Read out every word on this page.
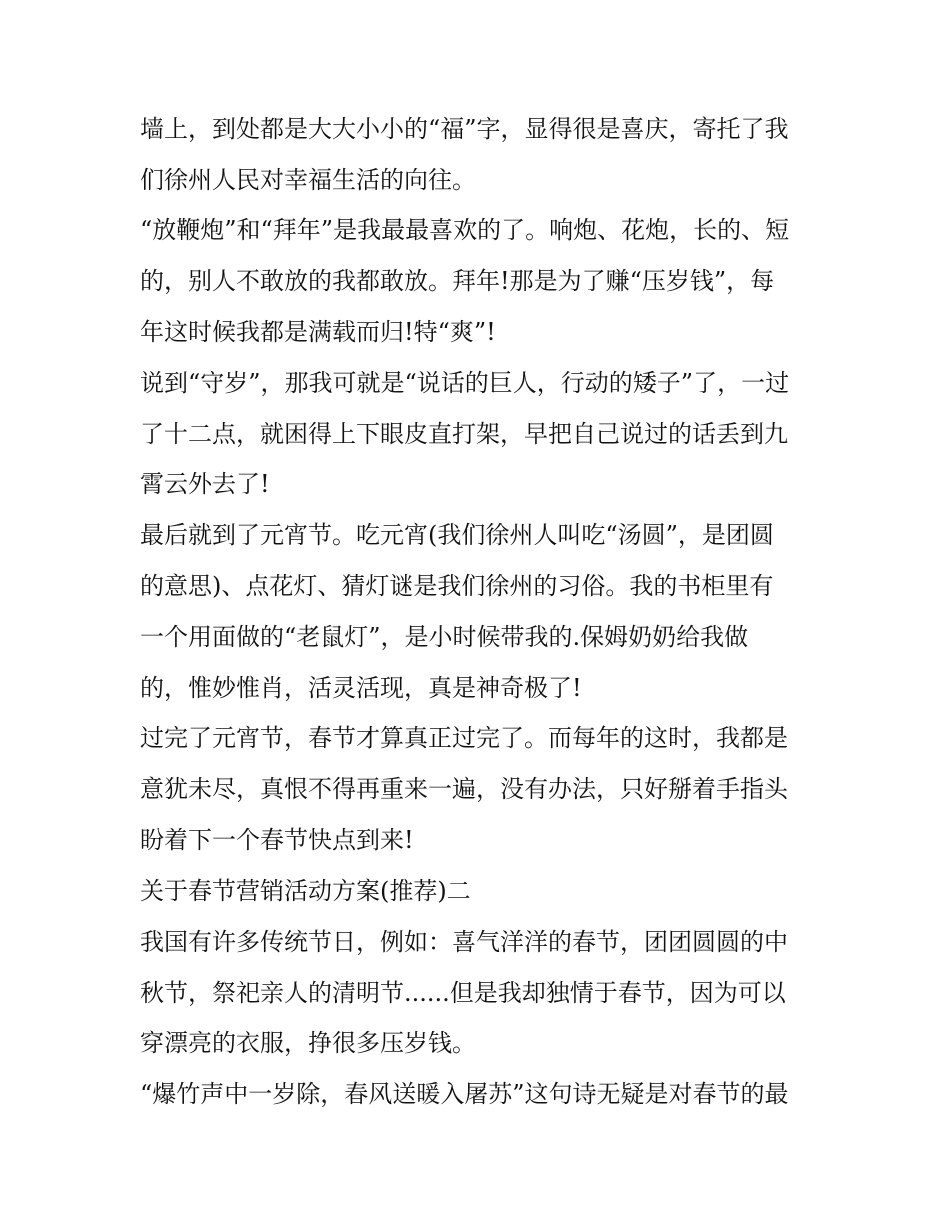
墙上，到处都是大大小小的“福”字，显得很是喜庆，寄托了我
们徐州人民对幸福生活的向往。
“放鞭炮”和“拜年”是我最最喜欢的了。响炮、花炮，长的、短
的，别人不敢放的我都敢放。拜年!那是为了赚“压岁钱”，每
年这时候我都是满载而归!特“爽”!
说到“守岁”，那我可就是“说话的巨人，行动的矮子”了，一过
了十二点，就困得上下眼皮直打架，早把自己说过的话丢到九
霄云外去了!
最后就到了元宵节。吃元宵(我们徐州人叫吃“汤圆”，是团圆
的意思)、点花灯、猜灯谜是我们徐州的习俗。我的书柜里有
一个用面做的“老鼠灯”，是小时候带我的.保姆奶奶给我做
的，惟妙惟肖，活灵活现，真是神奇极了!
过完了元宵节，春节才算真正过完了。而每年的这时，我都是
意犹未尽，真恨不得再重来一遍，没有办法，只好掰着手指头
盼着下一个春节快点到来!
关于春节营销活动方案(推荐)二
我国有许多传统节日，例如：喜气洋洋的春节，团团圆圆的中
秋节，祭祀亲人的清明节......但是我却独情于春节，因为可以
穿漂亮的衣服，挣很多压岁钱。
“爆竹声中一岁除，春风送暖入屠苏”这句诗无疑是对春节的最
